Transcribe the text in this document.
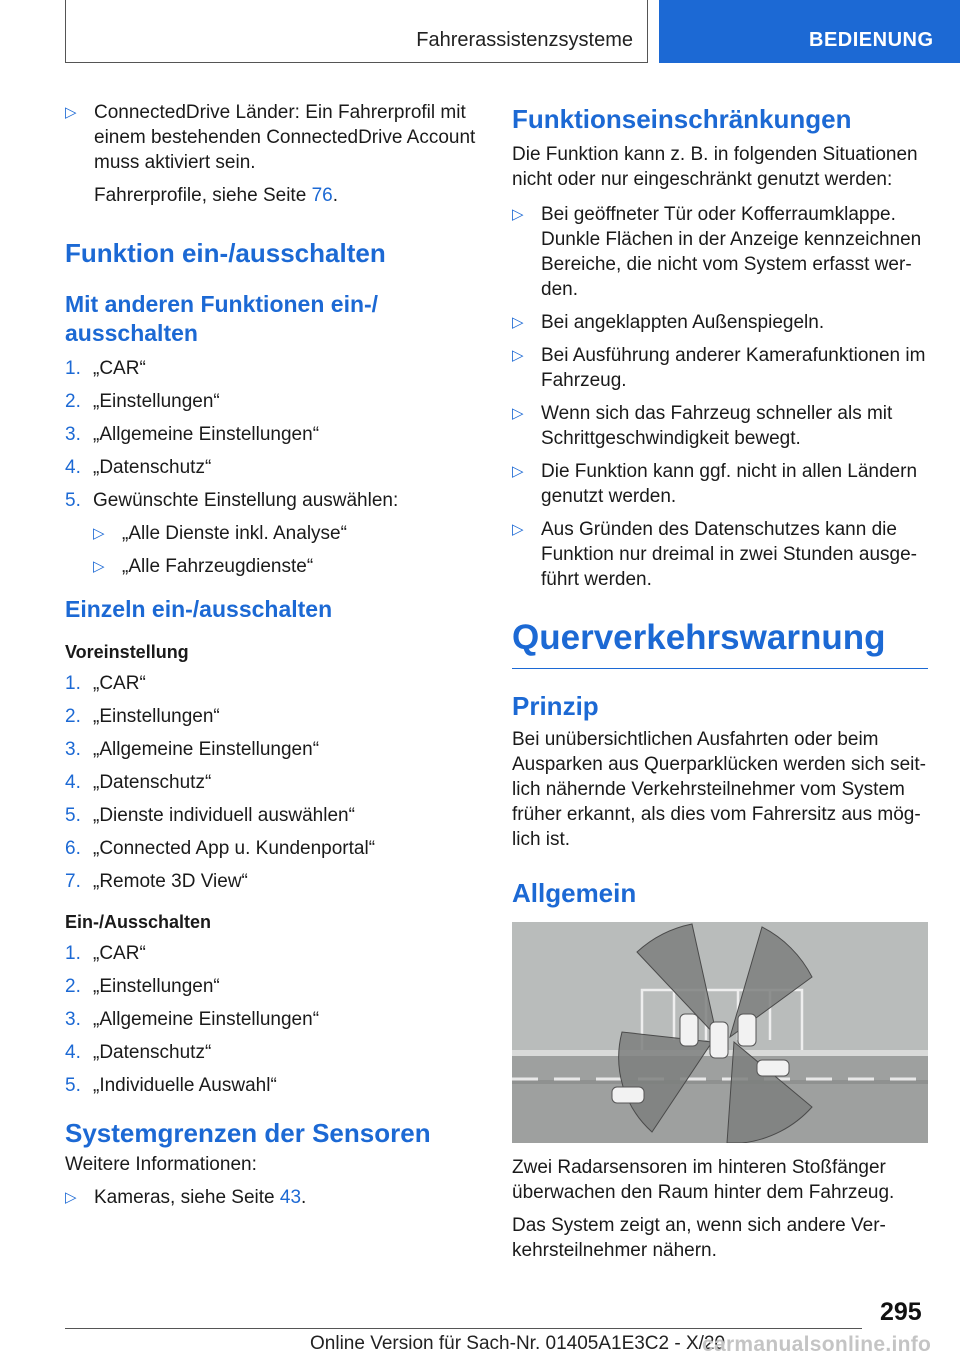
Fahrerassistenzsysteme	BEDIENUNG
▷ ConnectedDrive Länder: Ein Fahrerprofil mit einem bestehenden ConnectedDrive Account muss aktiviert sein.
Fahrerprofile, siehe Seite 76.
Funktion ein-/ausschalten
Mit anderen Funktionen ein-/ ausschalten
1. „CAR“
2. „Einstellungen“
3. „Allgemeine Einstellungen“
4. „Datenschutz“
5. Gewünschte Einstellung auswählen:
▷ „Alle Dienste inkl. Analyse“
▷ „Alle Fahrzeugdienste“
Einzeln ein-/ausschalten
Voreinstellung
1. „CAR“
2. „Einstellungen“
3. „Allgemeine Einstellungen“
4. „Datenschutz“
5. „Dienste individuell auswählen“
6. „Connected App u. Kundenportal“
7. „Remote 3D View“
Ein-/Ausschalten
1. „CAR“
2. „Einstellungen“
3. „Allgemeine Einstellungen“
4. „Datenschutz“
5. „Individuelle Auswahl“
Systemgrenzen der Sensoren
Weitere Informationen:
▷ Kameras, siehe Seite 43.
Funktionseinschränkungen
Die Funktion kann z. B. in folgenden Situationen nicht oder nur eingeschränkt genutzt werden:
▷ Bei geöffneter Tür oder Kofferraumklappe. Dunkle Flächen in der Anzeige kennzeichnen Bereiche, die nicht vom System erfasst werden.
▷ Bei angeklappten Außenspiegeln.
▷ Bei Ausführung anderer Kamerafunktionen im Fahrzeug.
▷ Wenn sich das Fahrzeug schneller als mit Schrittgeschwindigkeit bewegt.
▷ Die Funktion kann ggf. nicht in allen Ländern genutzt werden.
▷ Aus Gründen des Datenschutzes kann die Funktion nur dreimal in zwei Stunden ausgeführt werden.
Querverkehrswarnung
Prinzip
Bei unübersichtlichen Ausfahrten oder beim Ausparken aus Querparklücken werden sich seitlich nähernde Verkehrsteilnehmer vom System früher erkannt, als dies vom Fahrersitz aus möglich ist.
Allgemein
Zwei Radarsensoren im hinteren Stoßfänger überwachen den Raum hinter dem Fahrzeug.
Das System zeigt an, wenn sich andere Verkehrsteilnehmer nähern.
295
Online Version für Sach-Nr. 01405A1E3C2 - X/20
carmanualsonline.info
